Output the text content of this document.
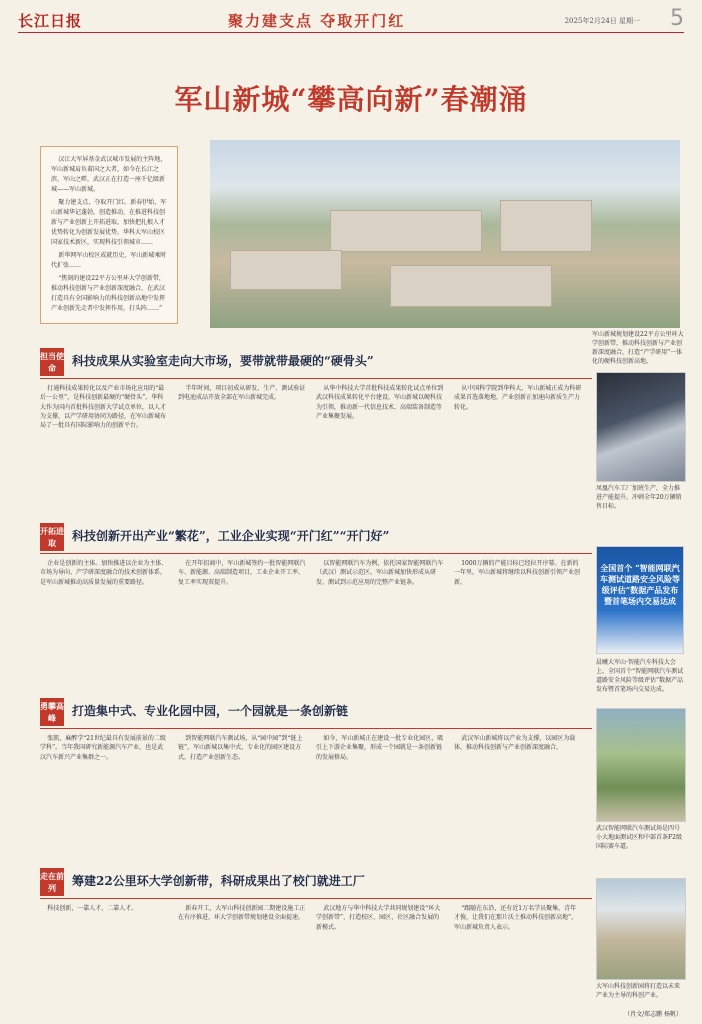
长江日报	聚力建支点 夺取开门红	2025年2月24日 星期一 5
军山新城“攀高向新”春潮涌

汉江大军屏基金武汉城市发展的主阵地，军山新城肩负着国之大者，如今在长江之滨、军山之畔，武汉正在打造一座千亿级新城——军山新城。

聚力建支点，夺取开门红。新春伊始，军山新城华记蓬勃，创造推动，在推进科技创新与产业创新上开拓进取，加快把扎根人才优势转化为创新发展优势，华科大军山校区国家技术新区，实现科技引领城市……

新华网军山校区成就历史，军山新城乘时代扩张……

“焦刻的建设22平方公里环大学创新带，推动科技创新与产业创新深度融合，在武汉打造具有全国影响力的科技创新高地中发挥产业创新先走者中发挥作用，打头阵……”

军山新城规划建设22平方公里环大学创新带，推动科技创新与产业创新深度融合，打造“产学研用”一体化的硬科技创新高地。
担当使命	科技成果从实验室走向大市场，要带就带最硬的“硬骨头”

打通科技成果转化以及产业市场化应用的“最后一公里”，是科技创新最硬的“硬骨头”。华科大作为国内首批科技创新大学试点单位，以人才为支撑，以产学研用协同为路径，在军山新城布局了一批具有国际影响力的创新平台。

半年时间，项目初成从研发、生产、测试验证到电池成品开放全部在军山新城完成。

从华中科技大学首批科技成果转化试点单位到武汉科技成果转化平台建设，军山新城以硬科技为引领，推动新一代信息技术、高端装备制造等产业集聚发展。

从中国科学院到华科大，军山新城正成为科研成果首选落地地，产业创新正加速向新质生产力转化。

凤凰汽车工厂加班生产，全力推进产能提升，冲刺全年20万辆销售目标。
开拓进取	科技创新开出产业“繁花”，工业企业实现“开门红”“开门好”

企业是创新的主体。加快推进以企业为主体、市场为导向、产学研深度融合的技术创新体系，是军山新城推动高质量发展的重要路径。

在开年招商中，军山新城签约一批智能网联汽车、新能源、高端制造项目，工业企业开工率、复工率实现双提升。

以智能网联汽车为例，依托国家智能网联汽车（武汉）测试示范区，军山新城加快形成从研发、测试到示范应用的完整产业链条。

1000万辆的产能目标已经拉开序幕。在新的一年里，军山新城将继续以科技创新引领产业创新。

全国首个 “智能网联汽车测试道路安全风险等级评估”数据产品发布 暨首笔场内交易达成
晨曦大军山·智能汽车科技大会上，全国首个“智能网联汽车测试道路安全风险等级评估”数据产品发布暨首笔场内交易达成。
勇攀高峰	打造集中式、专业化园中园，一个园就是一条创新链

张凯，麻醉学“21世纪最具有发展前景的二级学科”。当年我国研究新能源汽车产业，也是武汉汽车新兴产业集群之一。

到智能网联汽车测试场，从“园中园”到“链上链”，军山新城以集中式、专业化的园区建设方式，打造产业创新生态。

如今，军山新城正在建设一批专业化园区，吸引上下游企业集聚，形成一个园就是一条创新链的发展格局。

武汉军山新城将以产业为支撑，以园区为载体，推动科技创新与产业创新深度融合。

武汉智能网联汽车测试场是四号小大地面测试区和中部首条F2级国际赛车道。
走在前列	筹建22公里环大学创新带，科研成果出了校门就进工厂

科技创新，一靠人才，二靠人才。	新春开工，大军山科技创新园二期建设施工正在有序推进，环大学创新带规划建设全面提速。

武汉地方与华中科技大学共同规划建设“环大学创新带”，打造校区、园区、社区融合发展的新模式。

“跟随在东沿，还有近1万名学员聚集，青年才俊，让我们在那片沃土推动科技创新高地”，军山新城负责人表示。

大军山科技创新园将打造以未来产业为主导的科创产业。
（肖文/郑志鹏 杨帆）
